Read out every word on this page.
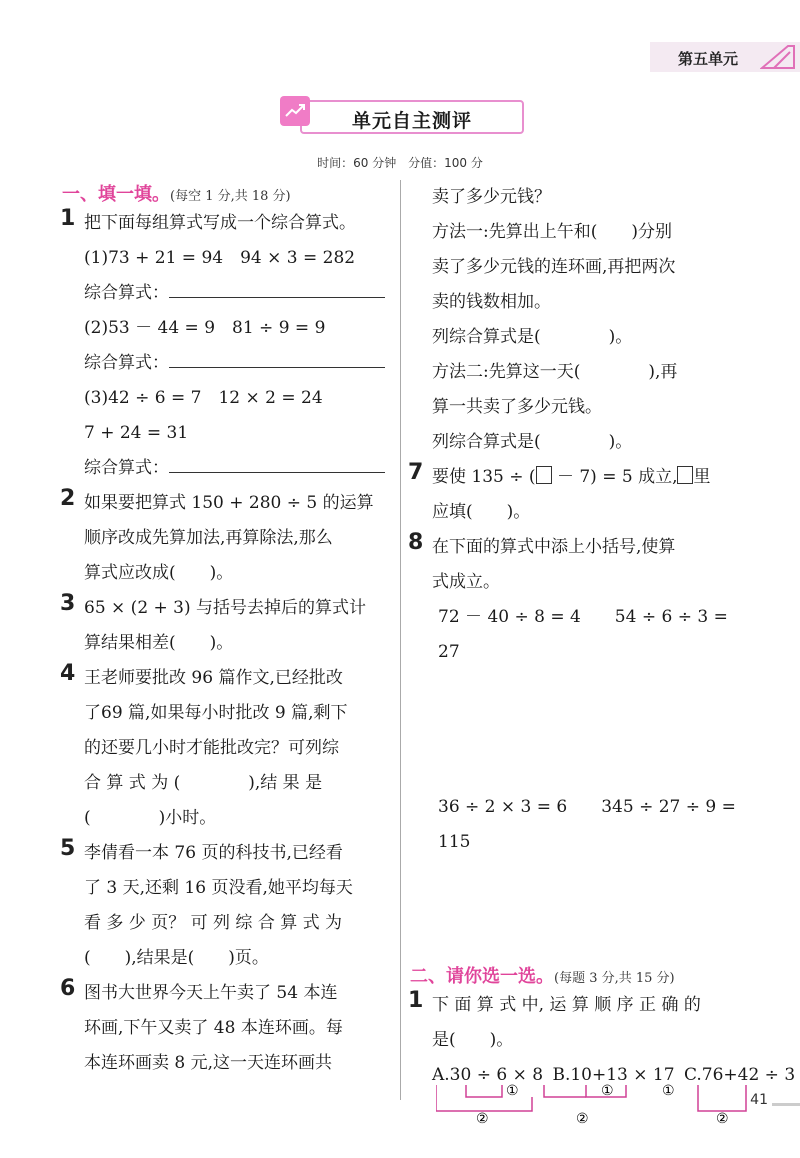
第五单元
单元自主测评
时间：60 分钟 分值：100 分
一、填一填。(每空 1 分,共 18 分)
1 把下面每组算式写成一个综合算式。
(1)73 + 21 = 94　94 × 3 = 282
综合算式：
(2)53 － 44 = 9　81 ÷ 9 = 9
综合算式：
(3)42 ÷ 6 = 7　12 × 2 = 24
7 + 24 = 31
综合算式：
2 如果要把算式 150 + 280 ÷ 5 的运算
顺序改成先算加法,再算除法,那么
算式应改成(　　)。
3 65 × (2 + 3) 与括号去掉后的算式计
算结果相差(　　)。
4 王老师要批改 96 篇作文,已经批改
了69 篇,如果每小时批改 9 篇,剩下
的还要几小时才能批改完？可列综
合 算 式 为 (　　　　),结 果 是
(　　　　)小时。
5 李倩看一本 76 页的科技书,已经看
了 3 天,还剩 16 页没看,她平均每天
看 多 少 页？ 可 列 综 合 算 式 为
(　　),结果是(　　)页。
6 图书大世界今天上午卖了 54 本连
环画,下午又卖了 48 本连环画。每
本连环画卖 8 元,这一天连环画共
卖了多少元钱？
方法一:先算出上午和(　　)分别
卖了多少元钱的连环画,再把两次
卖的钱数相加。
列综合算式是(　　　　)。
方法二:先算这一天(　　　　),再
算一共卖了多少元钱。
列综合算式是(　　　　)。
7 要使 135 ÷ ( － 7) = 5 成立, 里
应填(　　)。
8 在下面的算式中添上小括号,使算
式成立。
72 － 40 ÷ 8 = 4　　54 ÷ 6 ÷ 3 = 27
36 ÷ 2 × 3 = 6　　345 ÷ 27 ÷ 9 = 115
二、请你选一选。(每题 3 分,共 15 分)
1 下 面 算 式 中, 运 算 顺 序 正 确 的
是(　　)。
A.30 ÷ 6 × 8 B.10+13 × 17 C.76+42 ÷ 3
①
②
①
②
①
②
41
